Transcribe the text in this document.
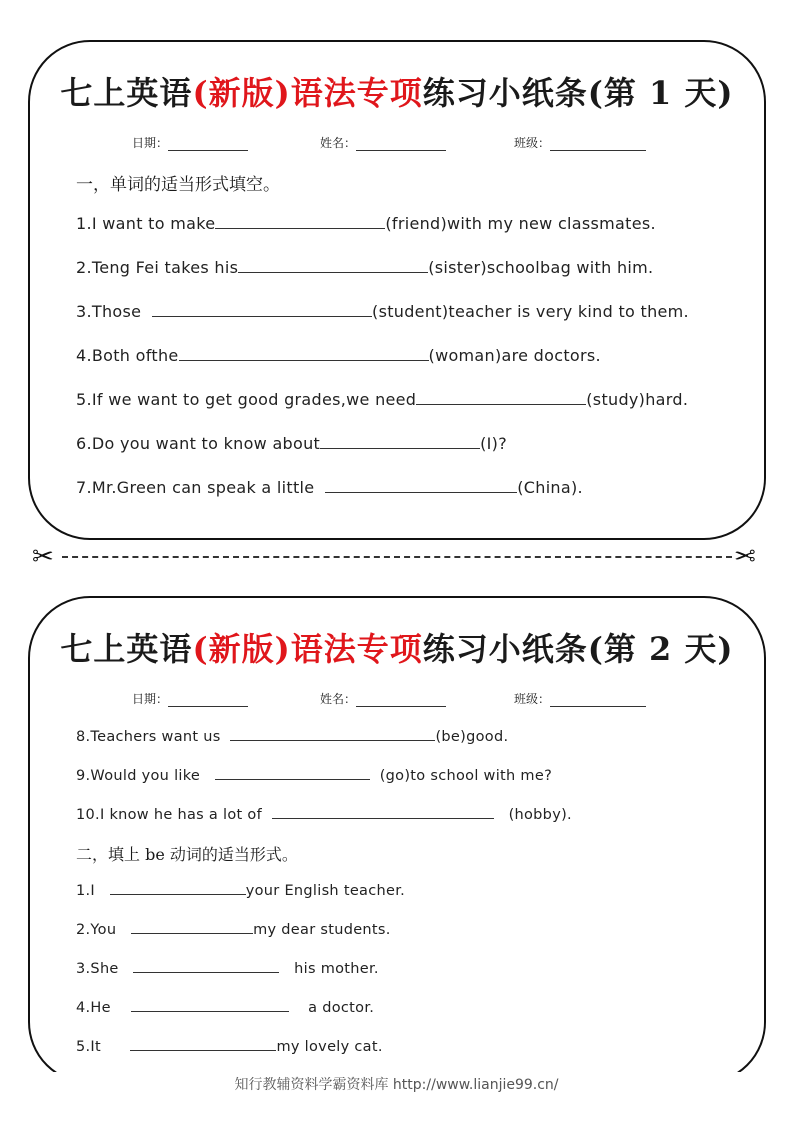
七上英语(新版)语法专项练习小纸条(第 1 天)
日期：	姓名：	班级：
一，单词的适当形式填空。
1.I want to make	(friend)with my new classmates.
2.Teng Fei takes his	(sister)schoolbag with him.
3.Those	(student)teacher is very kind to them.
4.Both ofthe	(woman)are doctors.
5.If we want to get good grades,we need	(study)hard.
6.Do you want to know about	(I)?
7.Mr.Green can speak a little	(China).
✂	✂
七上英语(新版)语法专项练习小纸条(第 2 天)
日期：	姓名：	班级：
8.Teachers want us	(be)good.
9.Would you like	(go)to school with me?
10.I know he has a lot of	(hobby).
二，填上 be 动词的适当形式。
1.I	your English teacher.
2.You	my dear students.
3.She	his mother.
4.He	a doctor.
5.It	my lovely cat.
知行教辅资料学霸资料库 http://www.lianjie99.cn/
